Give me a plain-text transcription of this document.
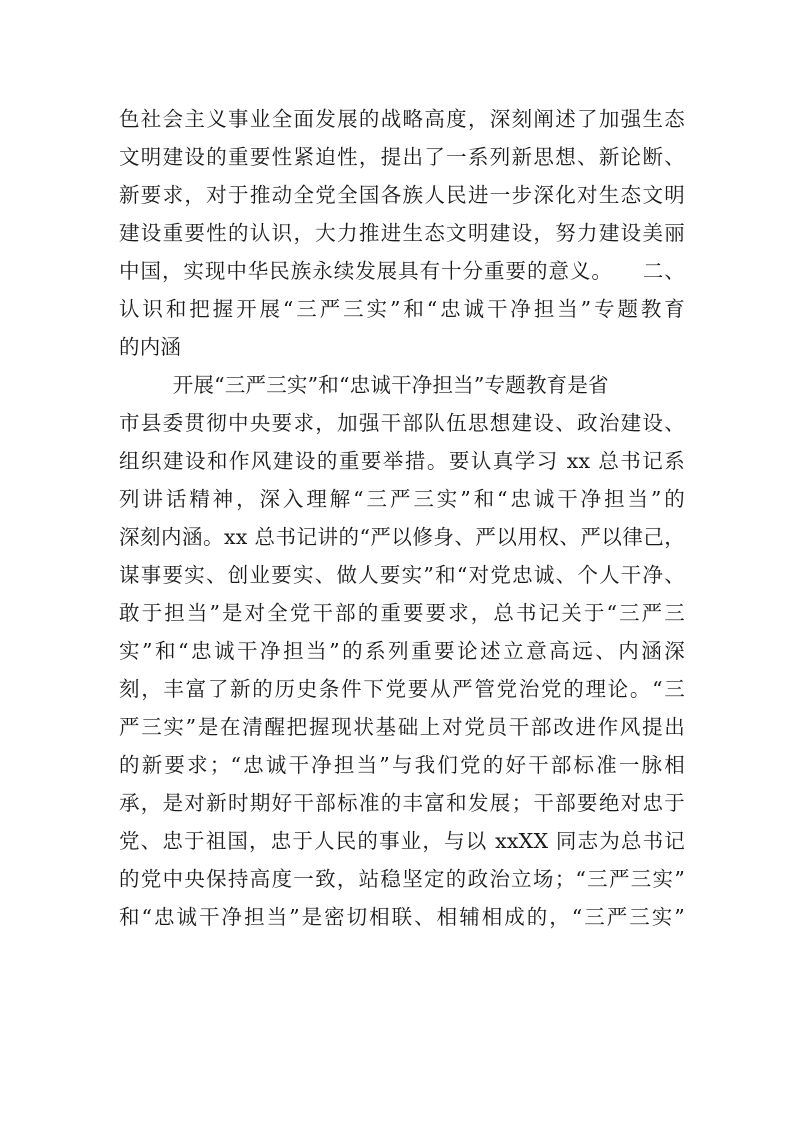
色社会主义事业全面发展的战略高度，深刻阐述了加强生态
文明建设的重要性紧迫性，提出了一系列新思想、新论断、
新要求，对于推动全党全国各族人民进一步深化对生态文明
建设重要性的认识，大力推进生态文明建设，努力建设美丽
中国，实现中华民族永续发展具有十分重要的意义。    二、
认识和把握开展“三严三实”和“忠诚干净担当”专题教育
的内涵
开展“三严三实”和“忠诚干净担当”专题教育是省
市县委贯彻中央要求，加强干部队伍思想建设、政治建设、
组织建设和作风建设的重要举措。要认真学习 xx 总书记系
列讲话精神，深入理解“三严三实”和“忠诚干净担当”的
深刻内涵。xx 总书记讲的“严以修身、严以用权、严以律己，
谋事要实、创业要实、做人要实”和“对党忠诚、个人干净、
敢于担当”是对全党干部的重要要求，总书记关于“三严三
实”和“忠诚干净担当”的系列重要论述立意高远、内涵深
刻，丰富了新的历史条件下党要从严管党治党的理论。“三
严三实”是在清醒把握现状基础上对党员干部改进作风提出
的新要求；“忠诚干净担当”与我们党的好干部标准一脉相
承，是对新时期好干部标准的丰富和发展；干部要绝对忠于
党、忠于祖国，忠于人民的事业，与以 xxXX 同志为总书记
的党中央保持高度一致，站稳坚定的政治立场；“三严三实”
和“忠诚干净担当”是密切相联、相辅相成的，“三严三实”
